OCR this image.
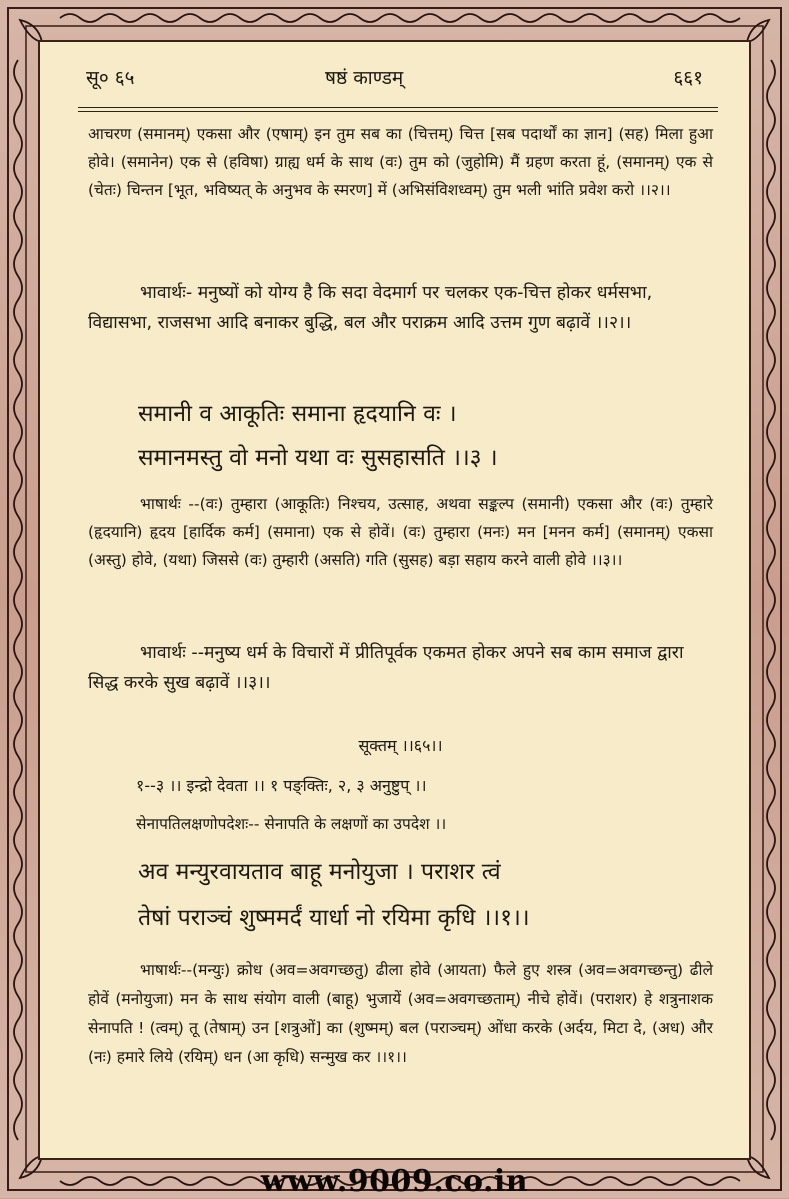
सू० ६५	षष्ठं काण्डम्	६६१
आचरण (समानम्) एकसा और (एषाम्) इन तुम सब का (चित्तम्) चित्त [सब पदार्थों का ज्ञान] (सह) मिला हुआ होवे। (समानेन) एक से (हविषा) ग्राह्य धर्म के साथ (वः) तुम को (जुहोमि) मैं ग्रहण करता हूं, (समानम्) एक से (चेतः) चिन्तन [भूत, भविष्यत् के अनुभव के स्मरण] में (अभिसंविशध्वम्) तुम भली भांति प्रवेश करो ।।२।।
भावार्थः- मनुष्यों को योग्य है कि सदा वेदमार्ग पर चलकर एक-चित्त होकर धर्मसभा, विद्यासभा, राजसभा आदि बनाकर बुद्धि, बल और पराक्रम आदि उत्तम गुण बढ़ावें ।।२।।
समानी व आकूतिः समाना हृदयानि वः ।
समानमस्तु वो मनो यथा वः सुसहासति ।।३ ।
भाषार्थः --(वः) तुम्हारा (आकूतिः) निश्चय, उत्साह, अथवा सङ्कल्प (समानी) एकसा और (वः) तुम्हारे (हृदयानि) हृदय [हार्दिक कर्म] (समाना) एक से होवें। (वः) तुम्हारा (मनः) मन [मनन कर्म] (समानम्) एकसा (अस्तु) होवे, (यथा) जिससे (वः) तुम्हारी (असति) गति (सुसह) बड़ा सहाय करने वाली होवे ।।३।।
भावार्थः --मनुष्य धर्म के विचारों में प्रीतिपूर्वक एकमत होकर अपने सब काम समाज द्वारा सिद्ध करके सुख बढ़ावें ।।३।।
सूक्तम् ।।६५।।
१--३ ।। इन्द्रो देवता ।। १ पङ्क्तिः, २, ३ अनुष्टुप् ।।
सेनापतिलक्षणोपदेशः-- सेनापति के लक्षणों का उपदेश ।।
अव मन्युरवायताव बाहू मनोयुजा । पराशर त्वं
तेषां पराञ्चं शुष्ममर्दं यार्धा नो रयिमा कृधि ।।१।।
भाषार्थः--(मन्युः) क्रोध (अव=अवगच्छतु) ढीला होवे (आयता) फैले हुए शस्त्र (अव=अवगच्छन्तु) ढीले होवें (मनोयुजा) मन के साथ संयोग वाली (बाहू) भुजायें (अव=अवगच्छताम्) नीचे होवें। (पराशर) हे शत्रुनाशक सेनापति ! (त्वम्) तू (तेषाम्) उन [शत्रुओं] का (शुष्मम्) बल (पराञ्चम्) ओंधा करके (अर्दय, मिटा दे, (अध) और (नः) हमारे लिये (रयिम्) धन (आ कृधि) सन्मुख कर ।।१।।
www.9009.co.in
